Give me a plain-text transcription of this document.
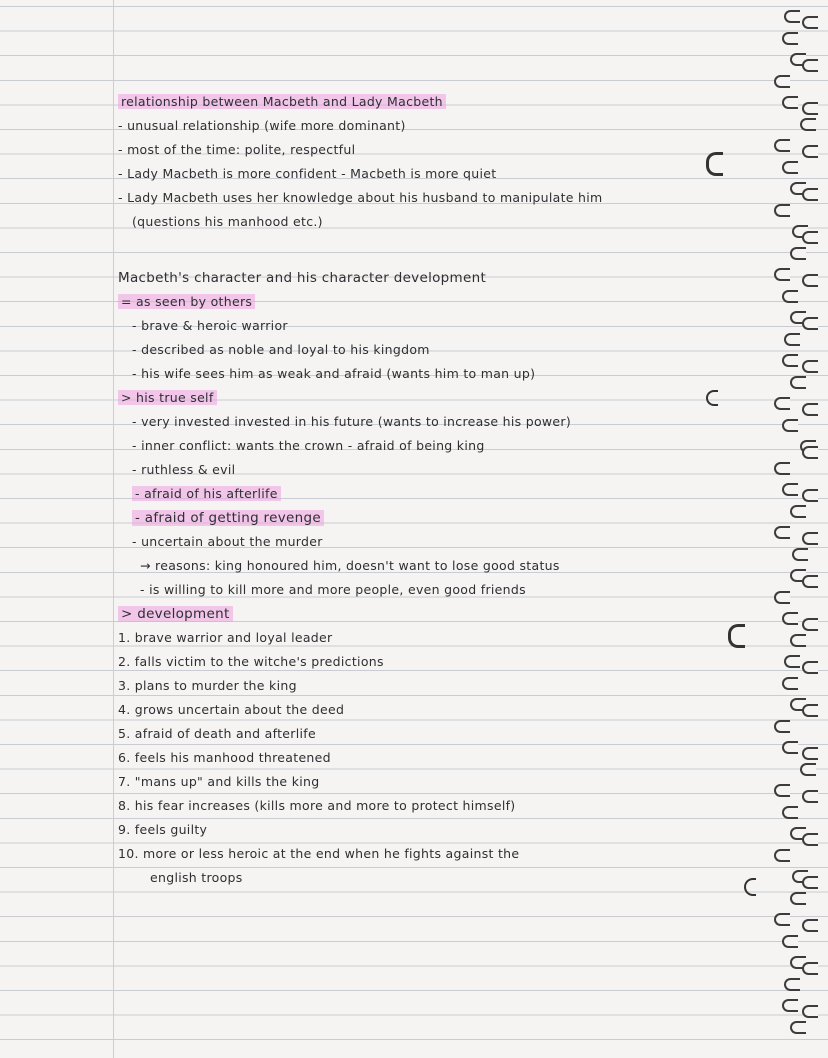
relationship between Macbeth and Lady Macbeth
- unusual relationship (wife more dominant)
- most of the time: polite, respectful
- Lady Macbeth is more confident - Macbeth is more quiet
- Lady Macbeth uses her knowledge about his husband to manipulate him
(questions his manhood etc.)
Macbeth's character and his character development
= as seen by others
- brave & heroic warrior
- described as noble and loyal to his kingdom
- his wife sees him as weak and afraid (wants him to man up)
> his true self
- very invested invested in his future (wants to increase his power)
- inner conflict: wants the crown - afraid of being king
- ruthless & evil
- afraid of his afterlife
- afraid of getting revenge
- uncertain about the murder
→ reasons: king honoured him, doesn't want to lose good status
- is willing to kill more and more people, even good friends
> development
1. brave warrior and loyal leader
2. falls victim to the witche's predictions
3. plans to murder the king
4. grows uncertain about the deed
5. afraid of death and afterlife
6. feels his manhood threatened
7. "mans up" and kills the king
8. his fear increases (kills more and more to protect himself)
9. feels guilty
10. more or less heroic at the end when he fights against the
english troops
